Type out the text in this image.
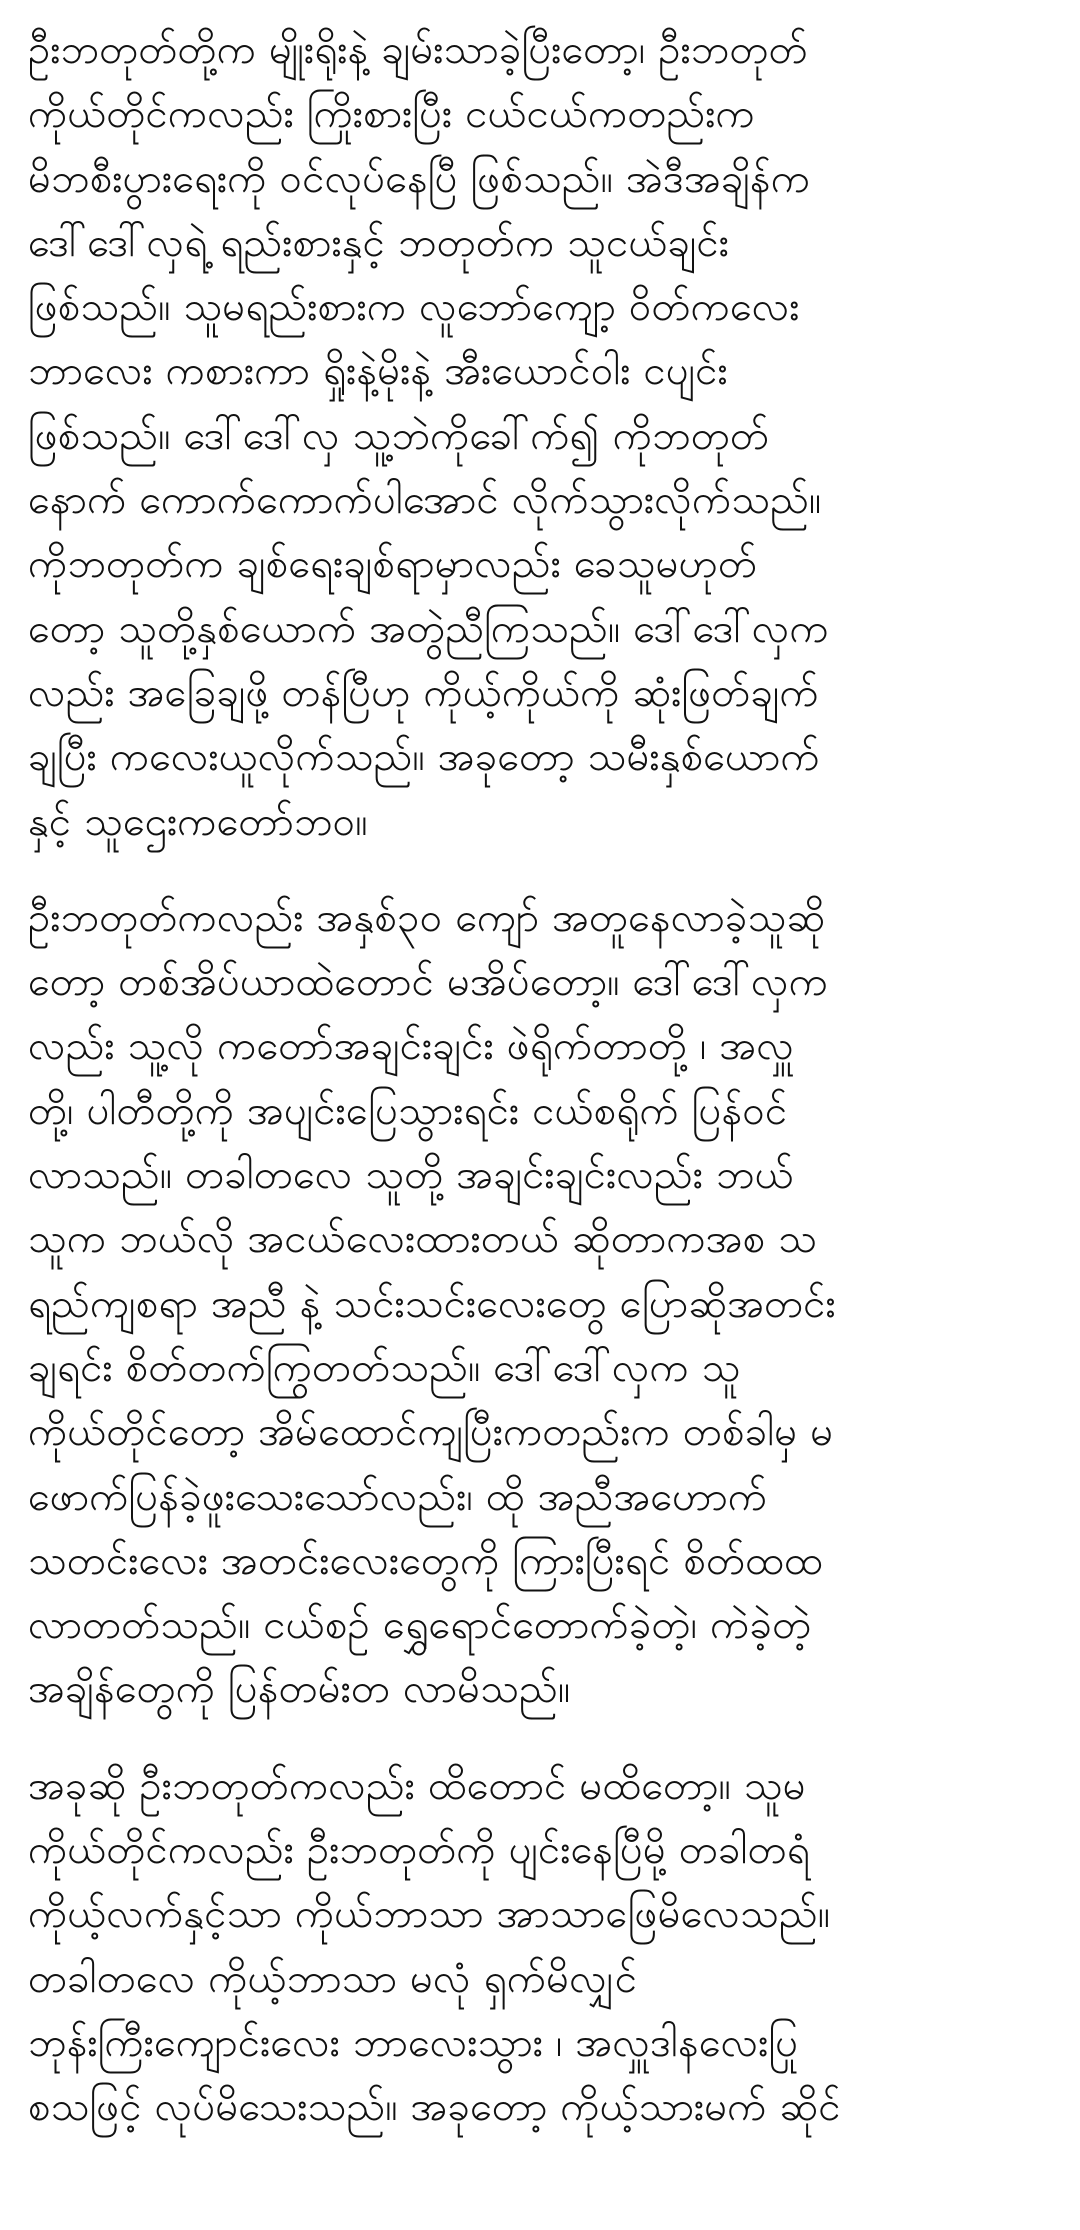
ဦးဘတုတ်တို့က မျိုးရိုးနဲ့ ချမ်းသာခဲ့ပြီးတော့၊ ဦးဘတုတ်
ကိုယ်တိုင်ကလည်း ကြိုးစားပြီး ငယ်ငယ်ကတည်းက
မိဘစီးပွားရေးကို ဝင်လုပ်နေပြီ ဖြစ်သည်။ အဲဒီအချိန်က
ဒေါ်ဒေါ်လှရဲ့ ရည်းစားနှင့် ဘတုတ်က သူငယ်ချင်း
ဖြစ်သည်။ သူမရည်းစားက လူဘော်ကျော့ ဝိတ်ကလေး
ဘာလေး ကစားကာ ရှိုးနဲ့မိုးနဲ့ အီးယောင်ဝါး ငပျင်း
ဖြစ်သည်။ ဒေါ်ဒေါ်လှ သူ့ဘဲကိုခေါ်က်၍ ကိုဘတုတ်
နောက် ကောက်ကောက်ပါအောင် လိုက်သွားလိုက်သည်။
ကိုဘတုတ်က ချစ်ရေးချစ်ရာမှာလည်း ခေသူမဟုတ်
တော့ သူတို့နှစ်ယောက် အတွဲညီကြသည်။ ဒေါ်ဒေါ်လှက
လည်း အခြေချဖို့ တန်ပြီဟု ကိုယ့်ကိုယ်ကို ဆုံးဖြတ်ချက်
ချပြီး ကလေးယူလိုက်သည်။ အခုတော့ သမီးနှစ်ယောက်
နှင့် သူဌေးကတော်ဘဝ။
ဦးဘတုတ်ကလည်း အနှစ်၃၀ ကျော် အတူနေလာခဲ့သူဆို
တော့ တစ်အိပ်ယာထဲတောင် မအိပ်တော့။ ဒေါ်ဒေါ်လှက
လည်း သူ့လို ကတော်အချင်းချင်း ဖဲရိုက်တာတို့ ၊ အလှူ
တို့၊ ပါတီတို့ကို အပျင်းပြေသွားရင်း ငယ်စရိုက် ပြန်ဝင်
လာသည်။ တခါတလေ သူတို့ အချင်းချင်းလည်း ဘယ်
သူက ဘယ်လို အငယ်လေးထားတယ် ဆိုတာကအစ သ
ရည်ကျစရာ အညီ နဲ့ သင်းသင်းလေးတွေ ပြောဆိုအတင်း
ချရင်း စိတ်တက်ကြွတတ်သည်။ ဒေါ်ဒေါ်လှက သူ
ကိုယ်တိုင်တော့ အိမ်ထောင်ကျပြီးကတည်းက တစ်ခါမှ မ
ဖောက်ပြန်ခဲ့ဖူးသေးသော်လည်း၊ ထို အညီအဟောက်
သတင်းလေး အတင်းလေးတွေကို ကြားပြီးရင် စိတ်ထထ
လာတတ်သည်။ ငယ်စဉ် ရွှေရောင်တောက်ခဲ့တဲ့၊ ကဲခဲ့တဲ့
အချိန်တွေကို ပြန်တမ်းတ လာမိသည်။
အခုဆို ဦးဘတုတ်ကလည်း ထိတောင် မထိတော့။ သူမ
ကိုယ်တိုင်ကလည်း ဦးဘတုတ်ကို ပျင်းနေပြီမို့ တခါတရံ
ကိုယ့်လက်နှင့်သာ ကိုယ်ဘာသာ အာသာဖြေမိလေသည်။
တခါတလေ ကိုယ့်ဘာသာ မလုံ ရှက်မိလျှင်
ဘုန်းကြီးကျောင်းလေး ဘာလေးသွား ၊ အလှူဒါနလေးပြု
စသဖြင့် လုပ်မိသေးသည်။ အခုတော့ ကိုယ့်သားမက် ဆိုင်
